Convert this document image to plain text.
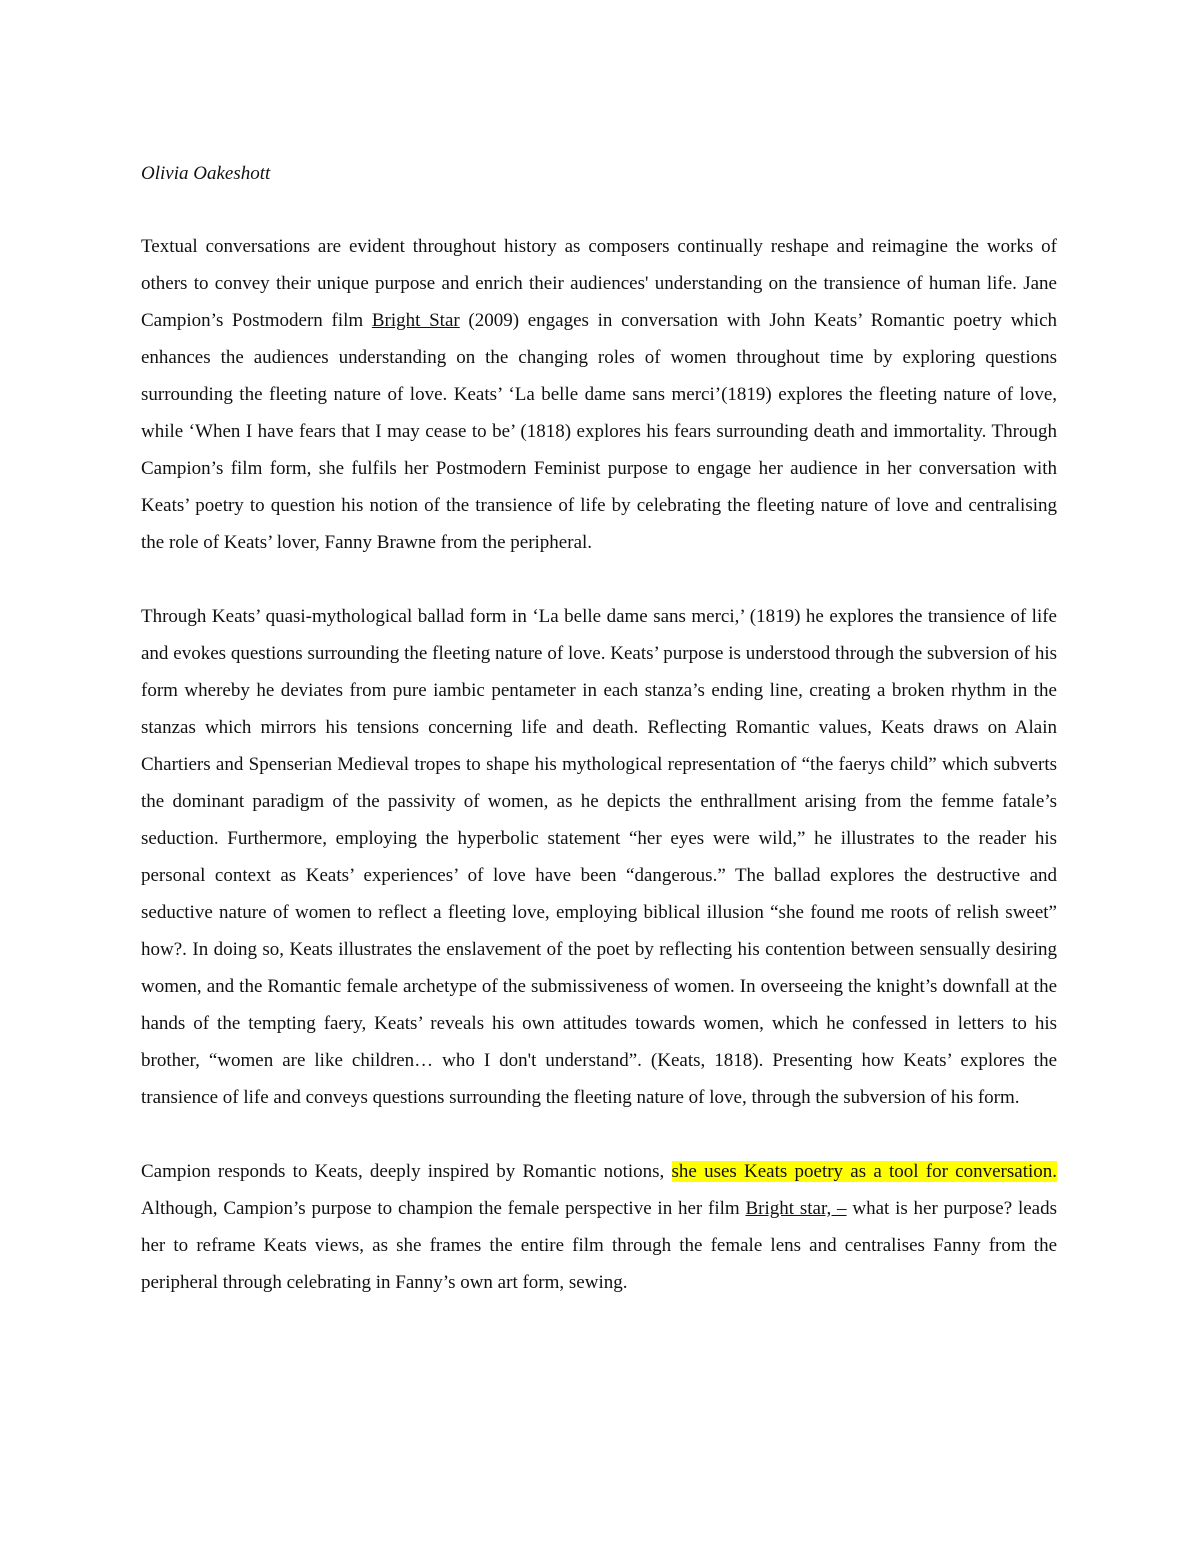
Olivia Oakeshott

Textual conversations are evident throughout history as composers continually reshape and reimagine the works of others to convey their unique purpose and enrich their audiences' understanding on the transience of human life. Jane Campion’s Postmodern film Bright Star (2009) engages in conversation with John Keats’ Romantic poetry which enhances the audiences understanding on the changing roles of women throughout time by exploring questions surrounding the fleeting nature of love. Keats’ ‘La belle dame sans merci’(1819) explores the fleeting nature of love, while ‘When I have fears that I may cease to be’ (1818) explores his fears surrounding death and immortality. Through Campion’s film form, she fulfils her Postmodern Feminist purpose to engage her audience in her conversation with Keats’ poetry to question his notion of the transience of life by celebrating the fleeting nature of love and centralising the role of Keats’ lover, Fanny Brawne from the peripheral.

Through Keats’ quasi-mythological ballad form in ‘La belle dame sans merci,’ (1819) he explores the transience of life and evokes questions surrounding the fleeting nature of love. Keats’ purpose is understood through the subversion of his form whereby he deviates from pure iambic pentameter in each stanza’s ending line, creating a broken rhythm in the stanzas which mirrors his tensions concerning life and death. Reflecting Romantic values, Keats draws on Alain Chartiers and Spenserian Medieval tropes to shape his mythological representation of “the faerys child” which subverts the dominant paradigm of the passivity of women, as he depicts the enthrallment arising from the femme fatale’s seduction. Furthermore, employing the hyperbolic statement “her eyes were wild,” he illustrates to the reader his personal context as Keats’ experiences’ of love have been “dangerous.” The ballad explores the destructive and seductive nature of women to reflect a fleeting love, employing biblical illusion “she found me roots of relish sweet” how?. In doing so, Keats illustrates the enslavement of the poet by reflecting his contention between sensually desiring women, and the Romantic female archetype of the submissiveness of women. In overseeing the knight’s downfall at the hands of the tempting faery, Keats’ reveals his own attitudes towards women, which he confessed in letters to his brother, “women are like children… who I don't understand”. (Keats, 1818). Presenting how Keats’ explores the transience of life and conveys questions surrounding the fleeting nature of love, through the subversion of his form.

Campion responds to Keats, deeply inspired by Romantic notions, she uses Keats poetry as a tool for conversation. Although, Campion’s purpose to champion the female perspective in her film Bright star, – what is her purpose? leads her to reframe Keats views, as she frames the entire film through the female lens and centralises Fanny from the peripheral through celebrating in Fanny’s own art form, sewing.
